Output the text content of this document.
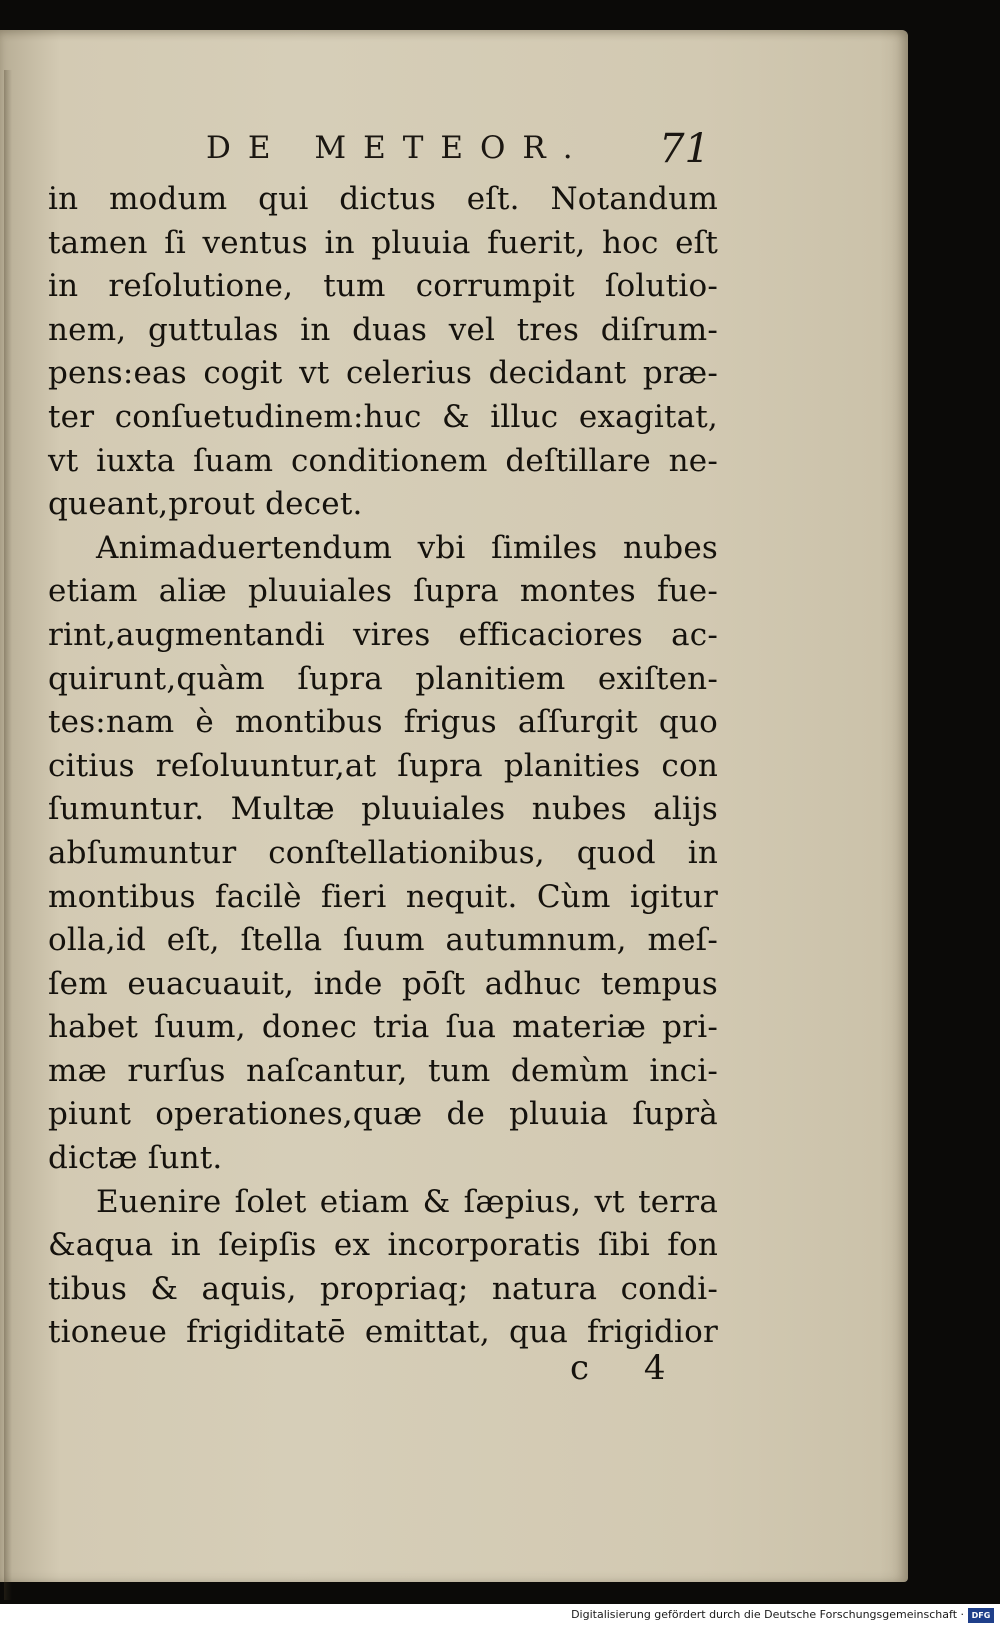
DE METEOR. 71
in modum qui dictus eſt. Notandum
tamen ſi ventus in pluuia fuerit, hoc eſt
in reſolutione, tum corrumpit ſolutio-
nem, guttulas in duas vel tres diſrum-
pens:eas cogit vt celerius decidant præ-
ter conſuetudinem:huc & illuc exagitat,
vt iuxta ſuam conditionem deſtillare ne-
queant,prout decet.
Animaduertendum vbi ſimiles nubes
etiam aliæ pluuiales ſupra montes fue-
rint,augmentandi vires efficaciores ac-
quirunt,quàm ſupra planitiem exiſten-
tes:nam è montibus frigus aſſurgit quo
citius reſoluuntur,at ſupra planities con
ſumuntur. Multæ pluuiales nubes alijs
abſumuntur conſtellationibus, quod in
montibus facilè fieri nequit. Cùm igitur
olla,id eſt, ſtella ſuum autumnum, meſ-
ſem euacuauit, inde pōſt adhuc tempus
habet ſuum, donec tria ſua materiæ pri-
mæ rurſus naſcantur, tum demùm inci-
piunt operationes,quæ de pluuia ſuprà
dictæ ſunt.
Euenire ſolet etiam & ſæpius, vt terra
&aqua in ſeipſis ex incorporatis ſibi fon
tibus & aquis, propriaq; natura condi-
tioneue frigiditatē emittat, qua frigidior
c 4
Digitalisierung gefördert durch die Deutsche Forschungsgemeinschaft · DFG
